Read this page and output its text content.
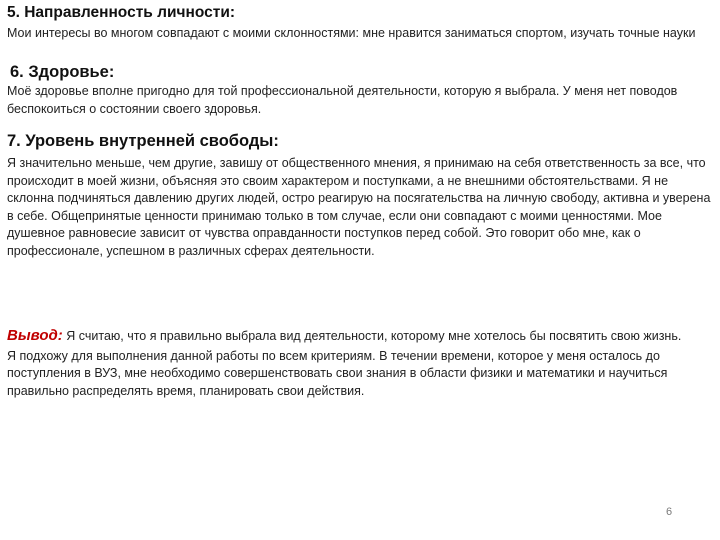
5. Направленность личности:
Мои интересы во многом совпадают с моими склонностями: мне нравится заниматься спортом, изучать точные науки
6. Здоровье:
Моё здоровье вполне пригодно для той профессиональной деятельности, которую я выбрала. У меня нет поводов беспокоиться о состоянии своего здоровья.
7. Уровень внутренней свободы:
Я значительно меньше, чем другие, завишу от общественного мнения, я принимаю на себя ответственность за все, что происходит в моей жизни, объясняя это своим характером и поступками, а не внешними обстоятельствами. Я не склонна подчиняться давлению других людей, остро реагирую на посягательства на личную свободу, активна и уверена в себе. Общепринятые ценности принимаю только в том случае, если они совпадают с моими ценностями. Мое душевное равновесие зависит от чувства оправданности поступков перед собой. Это говорит обо мне, как о профессионале, успешном в различных сферах деятельности.
Вывод: Я считаю, что я правильно выбрала вид деятельности, которому мне хотелось бы посвятить свою жизнь.
Я подхожу для выполнения данной работы по всем критериям. В течении времени, которое у меня осталось до поступления в ВУЗ, мне необходимо совершенствовать свои знания в области физики и математики и научиться правильно распределять время, планировать свои действия.
6
